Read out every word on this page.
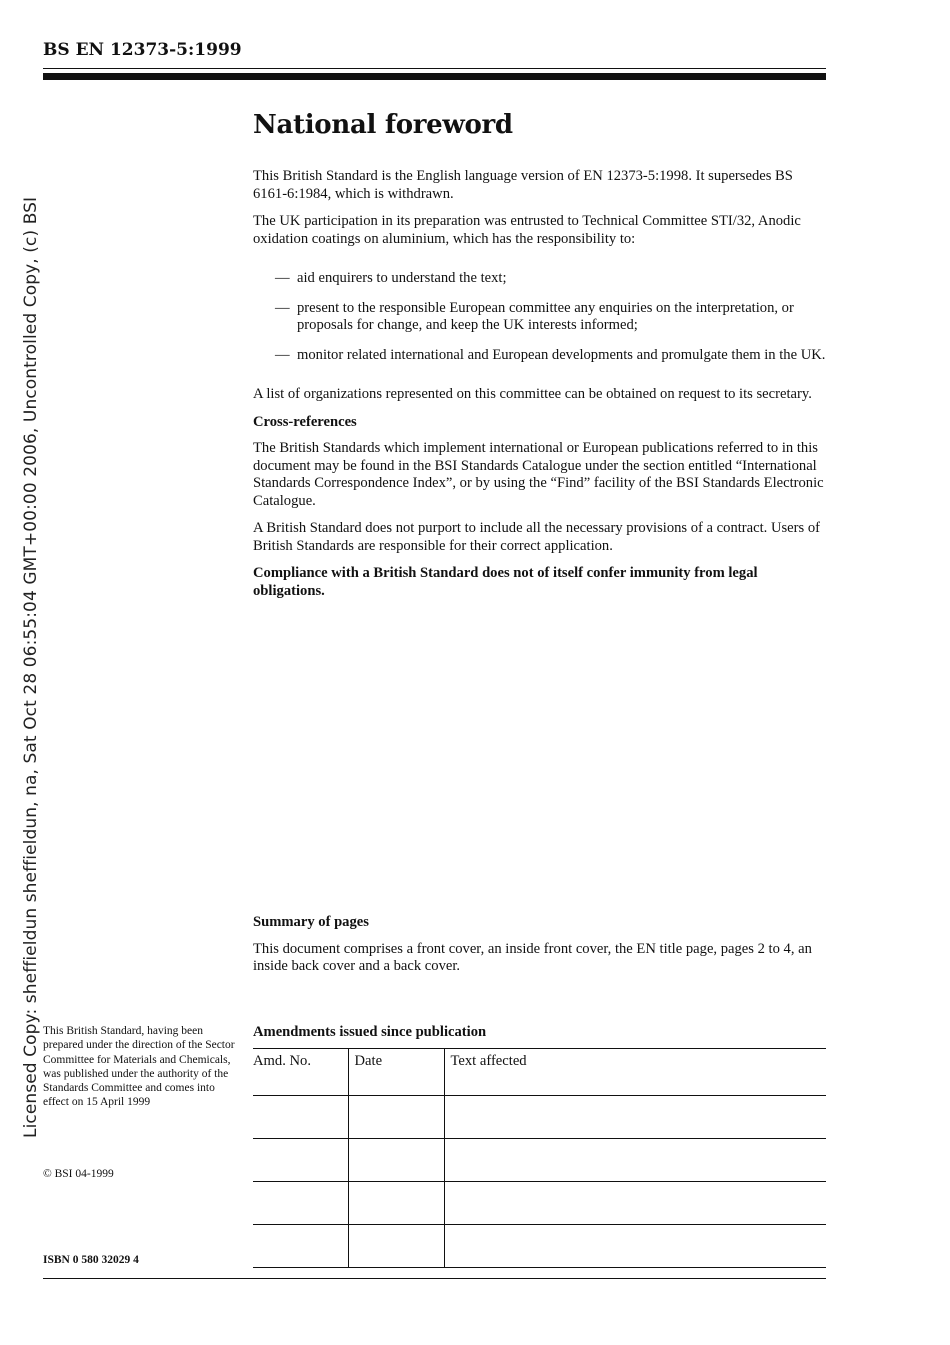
BS EN 12373-5:1999
Licensed Copy: sheffieldun sheffieldun, na, Sat Oct 28 06:55:04 GMT+00:00 2006, Uncontrolled Copy, (c) BSI
National foreword

This British Standard is the English language version of EN 12373-5:1998. It supersedes BS 6161-6:1984, which is withdrawn.

The UK participation in its preparation was entrusted to Technical Committee STI/32, Anodic oxidation coatings on aluminium, which has the responsibility to:

— aid enquirers to understand the text;
— present to the responsible European committee any enquiries on the interpretation, or proposals for change, and keep the UK interests informed;
— monitor related international and European developments and promulgate them in the UK.

A list of organizations represented on this committee can be obtained on request to its secretary.

Cross-references

The British Standards which implement international or European publications referred to in this document may be found in the BSI Standards Catalogue under the section entitled “International Standards Correspondence Index”, or by using the “Find” facility of the BSI Standards Electronic Catalogue.

A British Standard does not purport to include all the necessary provisions of a contract. Users of British Standards are responsible for their correct application.

Compliance with a British Standard does not of itself confer immunity from legal obligations.

Summary of pages

This document comprises a front cover, an inside front cover, the EN title page, pages 2 to 4, an inside back cover and a back cover.

Amendments issued since publication
Amd. No.	Date	Text affected

This British Standard, having been prepared under the direction of the Sector Committee for Materials and Chemicals, was published under the authority of the Standards Committee and comes into effect on 15 April 1999
© BSI 04-1999
ISBN 0 580 32029 4
